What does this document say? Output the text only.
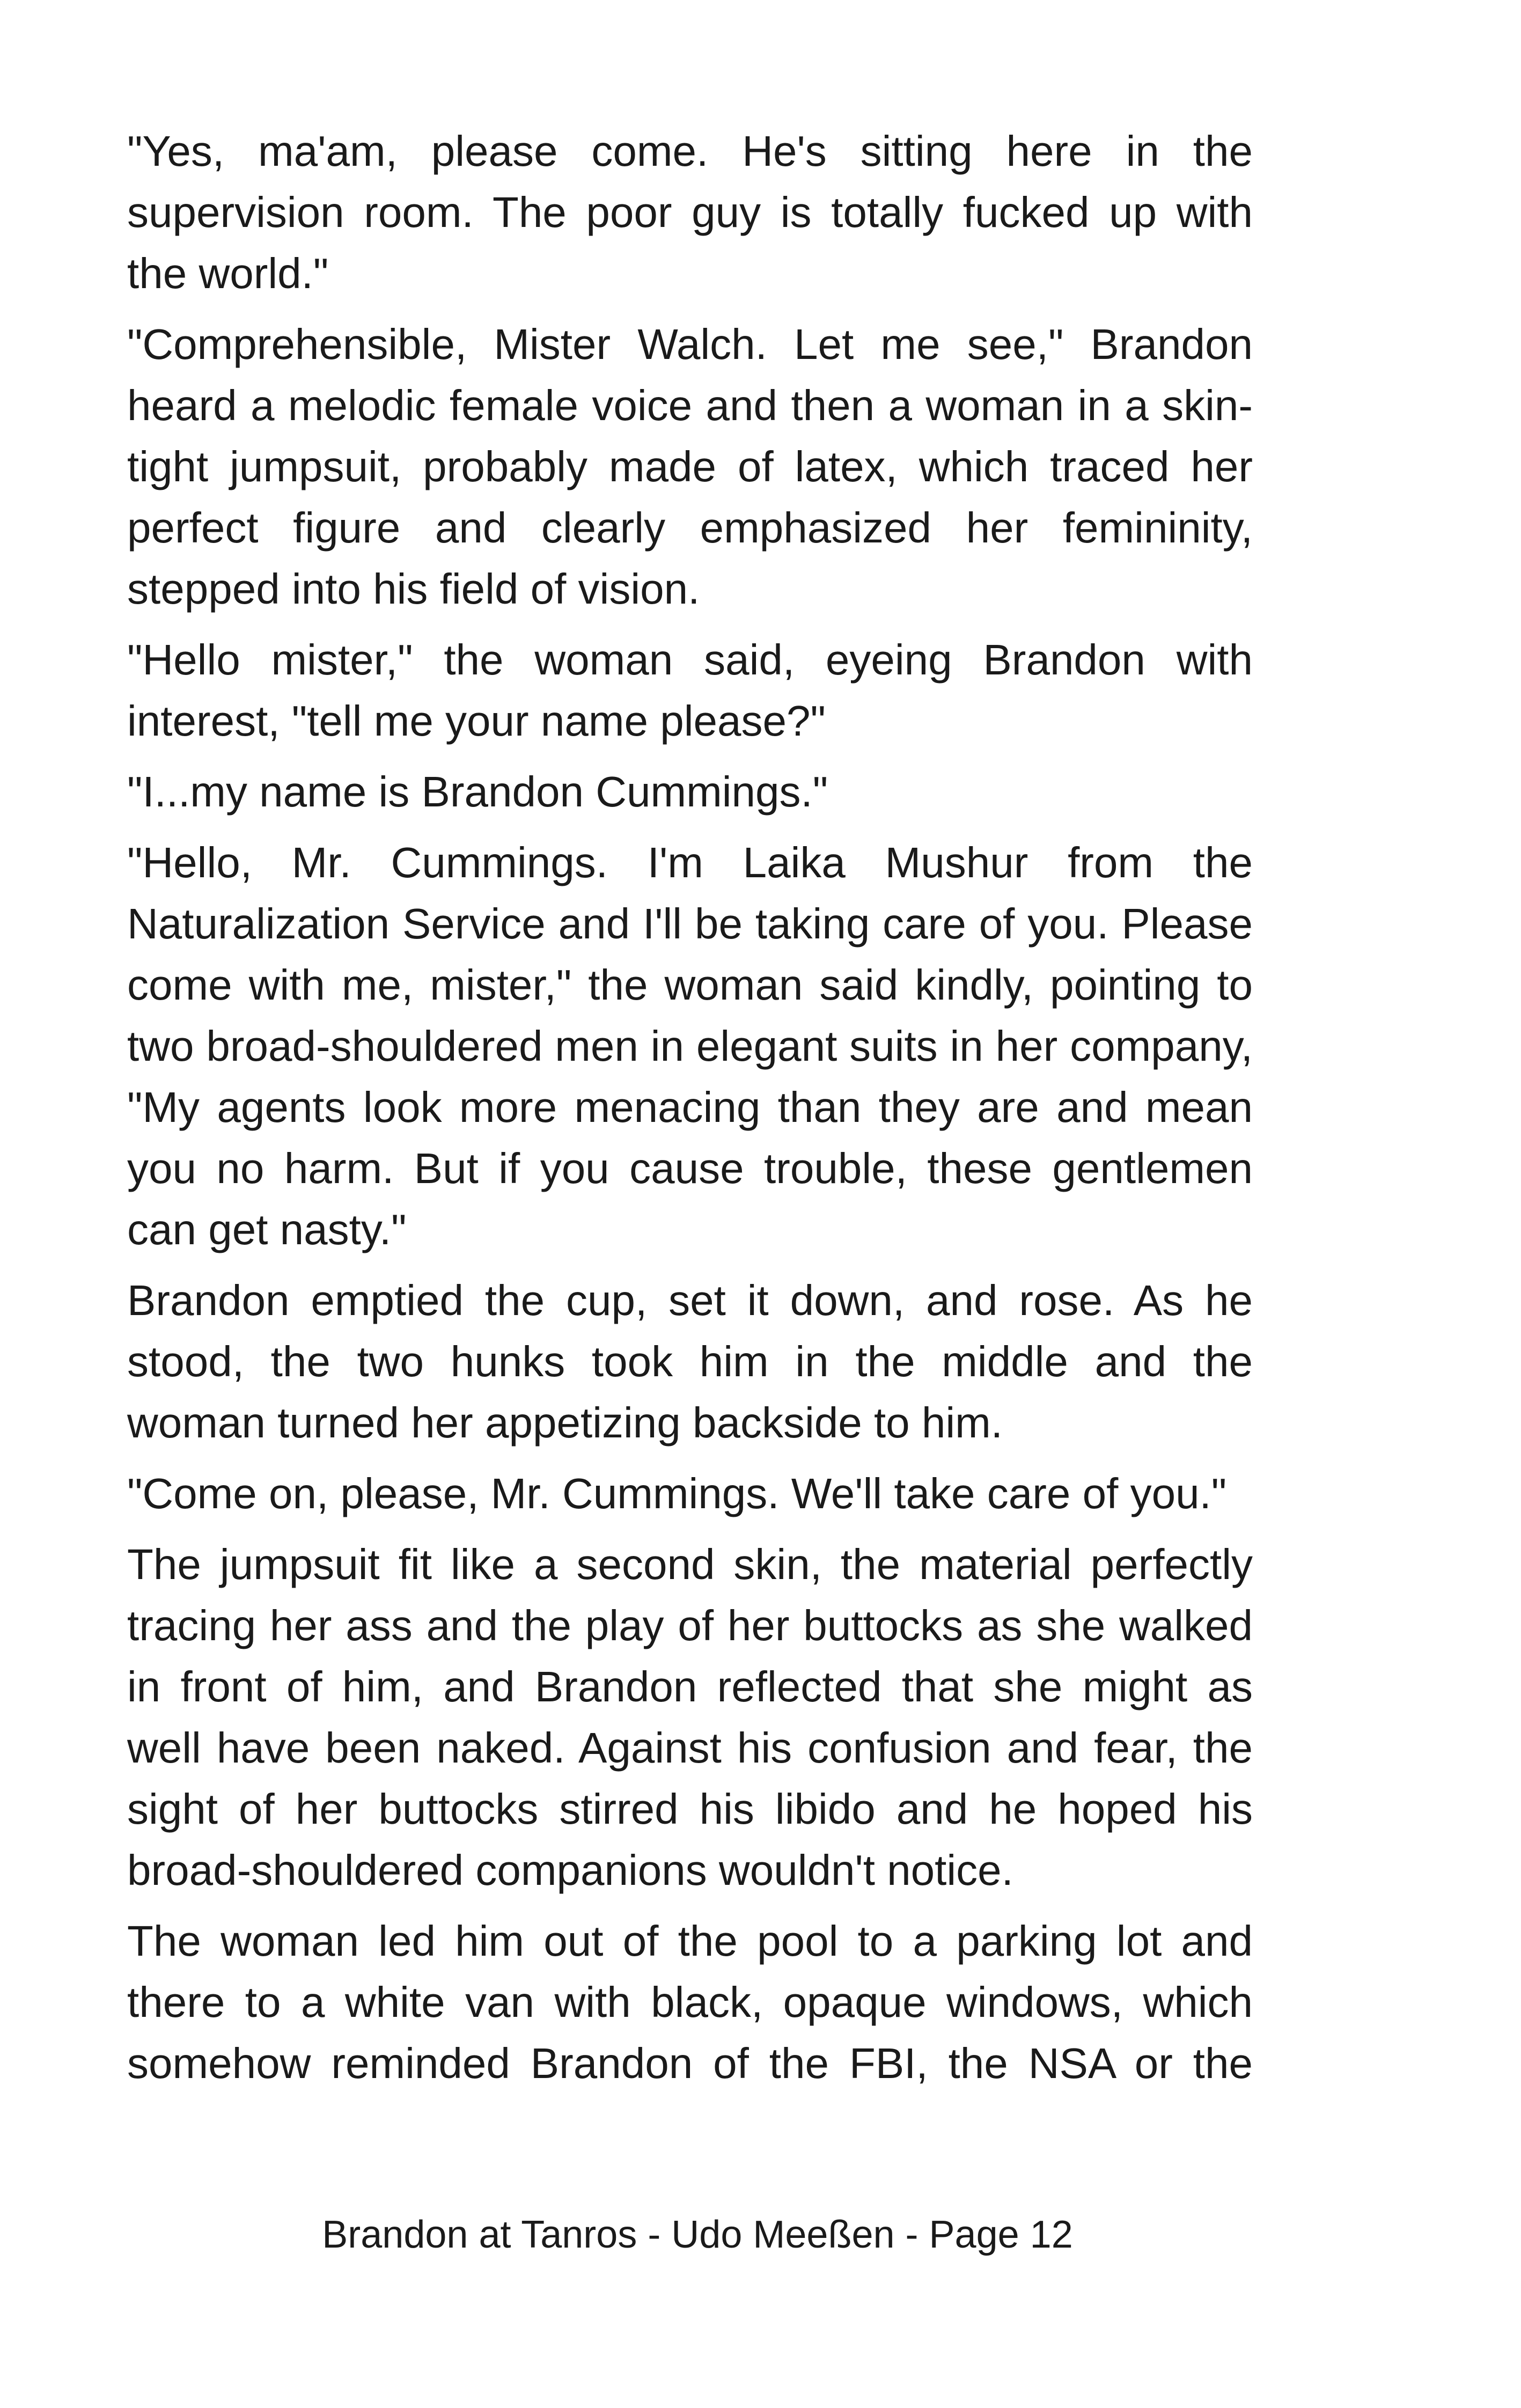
"Yes, ma'am, please come. He's sitting here in the supervision room. The poor guy is totally fucked up with the world."

"Comprehensible, Mister Walch. Let me see," Brandon heard a melodic female voice and then a woman in a skin-tight jumpsuit, probably made of latex, which traced her perfect figure and clearly emphasized her femininity, stepped into his field of vision.

"Hello mister," the woman said, eyeing Brandon with interest, "tell me your name please?"

"I...my name is Brandon Cummings."

"Hello, Mr. Cummings. I'm Laika Mushur from the Naturalization Service and I'll be taking care of you. Please come with me, mister," the woman said kindly, pointing to two broad-shouldered men in elegant suits in her company, "My agents look more menacing than they are and mean you no harm. But if you cause trouble, these gentlemen can get nasty."

Brandon emptied the cup, set it down, and rose. As he stood, the two hunks took him in the middle and the woman turned her appetizing backside to him.

"Come on, please, Mr. Cummings. We'll take care of you."

The jumpsuit fit like a second skin, the material perfectly tracing her ass and the play of her buttocks as she walked in front of him, and Brandon reflected that she might as well have been naked. Against his confusion and fear, the sight of her buttocks stirred his libido and he hoped his broad-shouldered companions wouldn't notice.

The woman led him out of the pool to a parking lot and there to a white van with black, opaque windows, which somehow reminded Brandon of the FBI, the NSA or the

Brandon at Tanros - Udo Meeßen - Page 12
